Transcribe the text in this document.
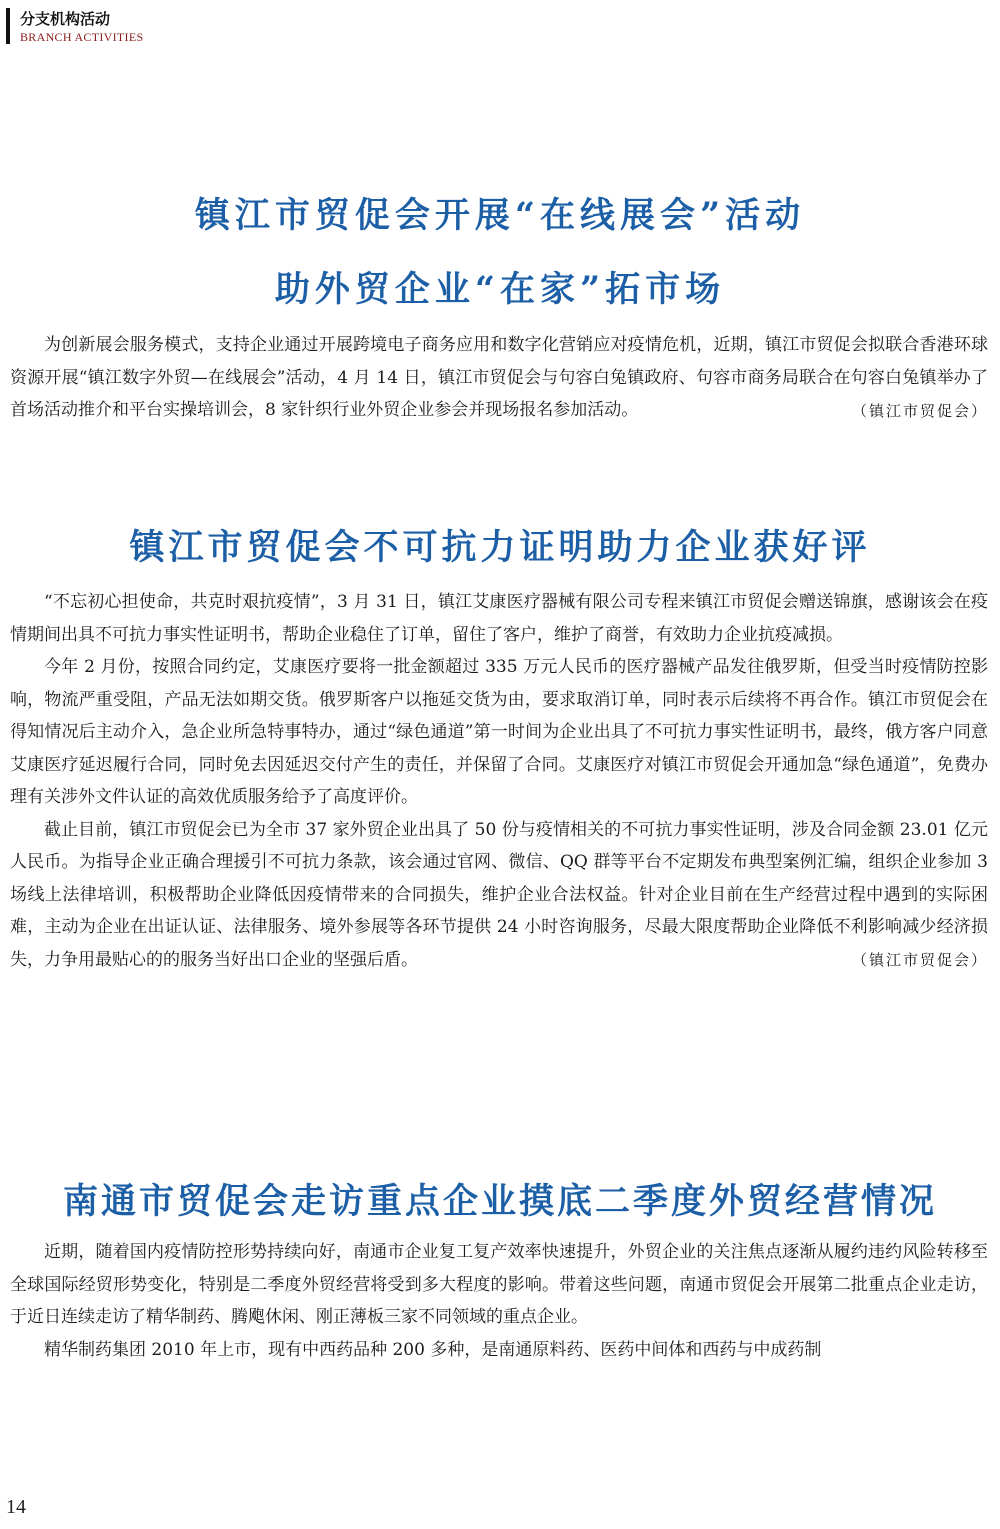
分支机构活动
BRANCH ACTIVITIES
镇江市贸促会开展“在线展会”活动
助外贸企业“在家”拓市场

为创新展会服务模式，支持企业通过开展跨境电子商务应用和数字化营销应对疫情危机，近期，镇江市贸促会拟联合香港环球资源开展“镇江数字外贸—在线展会”活动，4 月 14 日，镇江市贸促会与句容白兔镇政府、句容市商务局联合在句容白兔镇举办了首场活动推介和平台实操培训会，8 家针织行业外贸企业参会并现场报名参加活动。	（镇江市贸促会）
镇江市贸促会不可抗力证明助力企业获好评

“不忘初心担使命，共克时艰抗疫情”，3 月 31 日，镇江艾康医疗器械有限公司专程来镇江市贸促会赠送锦旗，感谢该会在疫情期间出具不可抗力事实性证明书，帮助企业稳住了订单，留住了客户，维护了商誉，有效助力企业抗疫减损。

今年 2 月份，按照合同约定，艾康医疗要将一批金额超过 335 万元人民币的医疗器械产品发往俄罗斯，但受当时疫情防控影响，物流严重受阻，产品无法如期交货。俄罗斯客户以拖延交货为由，要求取消订单，同时表示后续将不再合作。镇江市贸促会在得知情况后主动介入，急企业所急特事特办，通过“绿色通道”第一时间为企业出具了不可抗力事实性证明书，最终，俄方客户同意艾康医疗延迟履行合同，同时免去因延迟交付产生的责任，并保留了合同。艾康医疗对镇江市贸促会开通加急“绿色通道”，免费办理有关涉外文件认证的高效优质服务给予了高度评价。

截止目前，镇江市贸促会已为全市 37 家外贸企业出具了 50 份与疫情相关的不可抗力事实性证明，涉及合同金额 23.01 亿元人民币。为指导企业正确合理援引不可抗力条款，该会通过官网、微信、QQ 群等平台不定期发布典型案例汇编，组织企业参加 3 场线上法律培训，积极帮助企业降低因疫情带来的合同损失，维护企业合法权益。针对企业目前在生产经营过程中遇到的实际困难，主动为企业在出证认证、法律服务、境外参展等各环节提供 24 小时咨询服务，尽最大限度帮助企业降低不利影响减少经济损失，力争用最贴心的的服务当好出口企业的坚强后盾。	（镇江市贸促会）
南通市贸促会走访重点企业摸底二季度外贸经营情况

近期，随着国内疫情防控形势持续向好，南通市企业复工复产效率快速提升，外贸企业的关注焦点逐渐从履约违约风险转移至全球国际经贸形势变化，特别是二季度外贸经营将受到多大程度的影响。带着这些问题，南通市贸促会开展第二批重点企业走访，于近日连续走访了精华制药、腾飑休闲、刚正薄板三家不同领域的重点企业。

精华制药集团 2010 年上市，现有中西药品种 200 多种，是南通原料药、医药中间体和西药与中成药制

14
